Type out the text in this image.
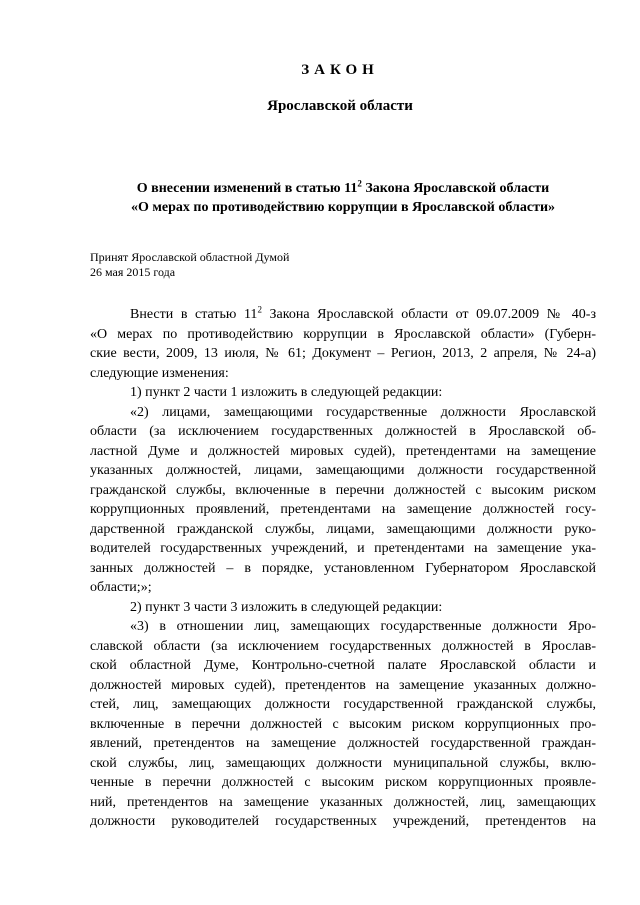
ЗАКОН
Ярославской области
О внесении изменений в статью $11^2$ Закона Ярославской области
«О мерах по противодействию коррупции в Ярославской области»
Принят Ярославской областной Думой
26 мая 2015 года
Внести в статью $11^2$ Закона Ярославской области от 09.07.2009 № 40-з
«О мерах по противодействию коррупции в Ярославской области» (Губерн-
ские вести, 2009, 13 июля, № 61; Документ – Регион, 2013, 2 апреля, № 24-а)
следующие изменения:
1) пункт 2 части 1 изложить в следующей редакции:
«2) лицами, замещающими государственные должности Ярославской
области (за исключением государственных должностей в Ярославской об-
ластной Думе и должностей мировых судей), претендентами на замещение
указанных должностей, лицами, замещающими должности государственной
гражданской службы, включенные в перечни должностей с высоким риском
коррупционных проявлений, претендентами на замещение должностей госу-
дарственной гражданской службы, лицами, замещающими должности руко-
водителей государственных учреждений, и претендентами на замещение ука-
занных должностей – в порядке, установленном Губернатором Ярославской
области;»;
2) пункт 3 части 3 изложить в следующей редакции:
«3) в отношении лиц, замещающих государственные должности Яро-
славской области (за исключением государственных должностей в Ярослав-
ской областной Думе, Контрольно-счетной палате Ярославской области и
должностей мировых судей), претендентов на замещение указанных должно-
стей, лиц, замещающих должности государственной гражданской службы,
включенные в перечни должностей с высоким риском коррупционных про-
явлений, претендентов на замещение должностей государственной граждан-
ской службы, лиц, замещающих должности муниципальной службы, вклю-
ченные в перечни должностей с высоким риском коррупционных проявле-
ний, претендентов на замещение указанных должностей, лиц, замещающих
должности руководителей государственных учреждений, претендентов на
